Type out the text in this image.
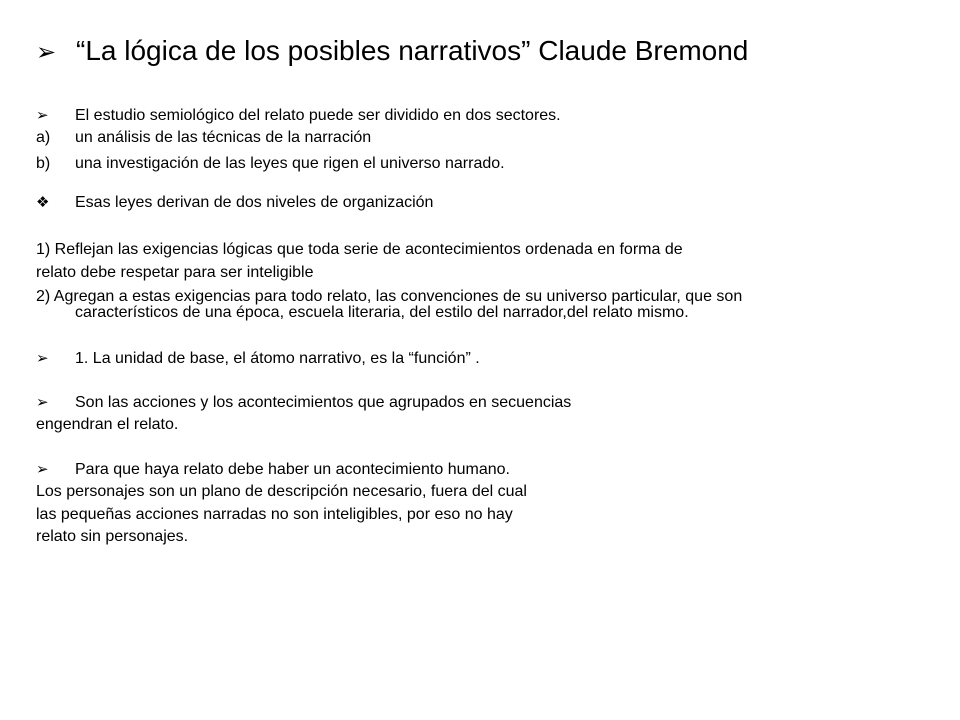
➢ “La lógica de los posibles narrativos” Claude Bremond
➢	El estudio semiológico del relato puede ser dividido en dos sectores.
a) un análisis de las técnicas de la narración
b) una investigación de las leyes que rigen el universo narrado.
❖	Esas leyes derivan de dos niveles de organización
1) Reflejan las exigencias lógicas que toda serie de acontecimientos ordenada en forma de
relato debe respetar para ser inteligible
2) Agregan a estas exigencias para todo relato, las convenciones de su universo particular, que son
característicos de una época, escuela literaria, del estilo del narrador,del relato mismo.
➢	1. La unidad de base, el átomo narrativo, es la “función” .
➢	Son las acciones y los acontecimientos que agrupados en secuencias
engendran el relato.
➢	Para que haya relato debe haber un acontecimiento humano.
Los personajes son un plano de descripción necesario, fuera del cual
las pequeñas acciones narradas no son inteligibles, por eso no hay
relato sin personajes.
